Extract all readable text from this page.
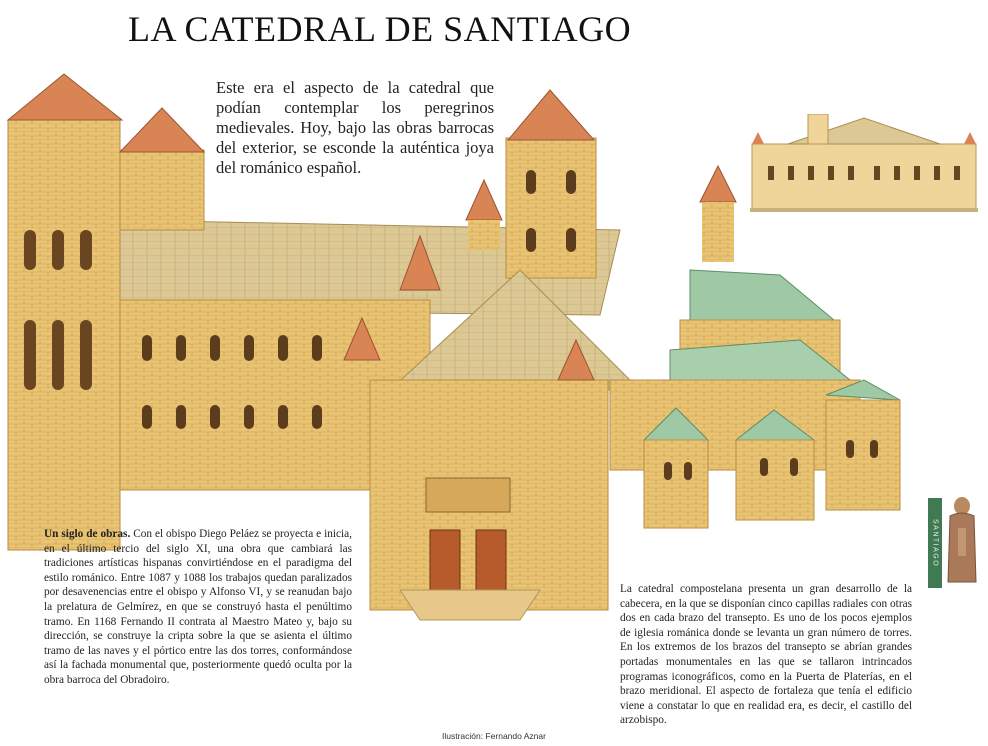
LA CATEDRAL DE SANTIAGO
Este era el aspecto de la catedral que podían contemplar los peregrinos medievales. Hoy, bajo las obras barrocas del exterior, se esconde la auténtica joya del románico español.
Un siglo de obras. Con el obispo Diego Peláez se proyecta e inicia, en el último tercio del siglo XI, una obra que cambiará las tradiciones artísticas hispanas convirtiéndose en el paradigma del estilo románico. Entre 1087 y 1088 los trabajos quedan paralizados por desavenencias entre el obispo y Alfonso VI, y se reanudan bajo la prelatura de Gelmírez, en que se construyó hasta el penúltimo tramo. En 1168 Fernando II contrata al Maestro Mateo y, bajo su dirección, se construye la cripta sobre la que se asienta el último tramo de las naves y el pórtico entre las dos torres, conformándose así la fachada monumental que, posteriormente quedó oculta por la obra barroca del Obradoiro.
La catedral compostelana presenta un gran desarrollo de la cabecera, en la que se disponían cinco capillas radiales con otras dos en cada brazo del transepto. Es uno de los pocos ejemplos de iglesia románica donde se levanta un gran número de torres. En los extremos de los brazos del transepto se abrían grandes portadas monumentales en las que se tallaron intrincados programas iconográficos, como en la Puerta de Platerías, en el brazo meridional. El aspecto de fortaleza que tenía el edificio viene a constatar lo que en realidad era, es decir, el castillo del arzobispo.
SANTIAGO
Ilustración: Fernando Aznar
